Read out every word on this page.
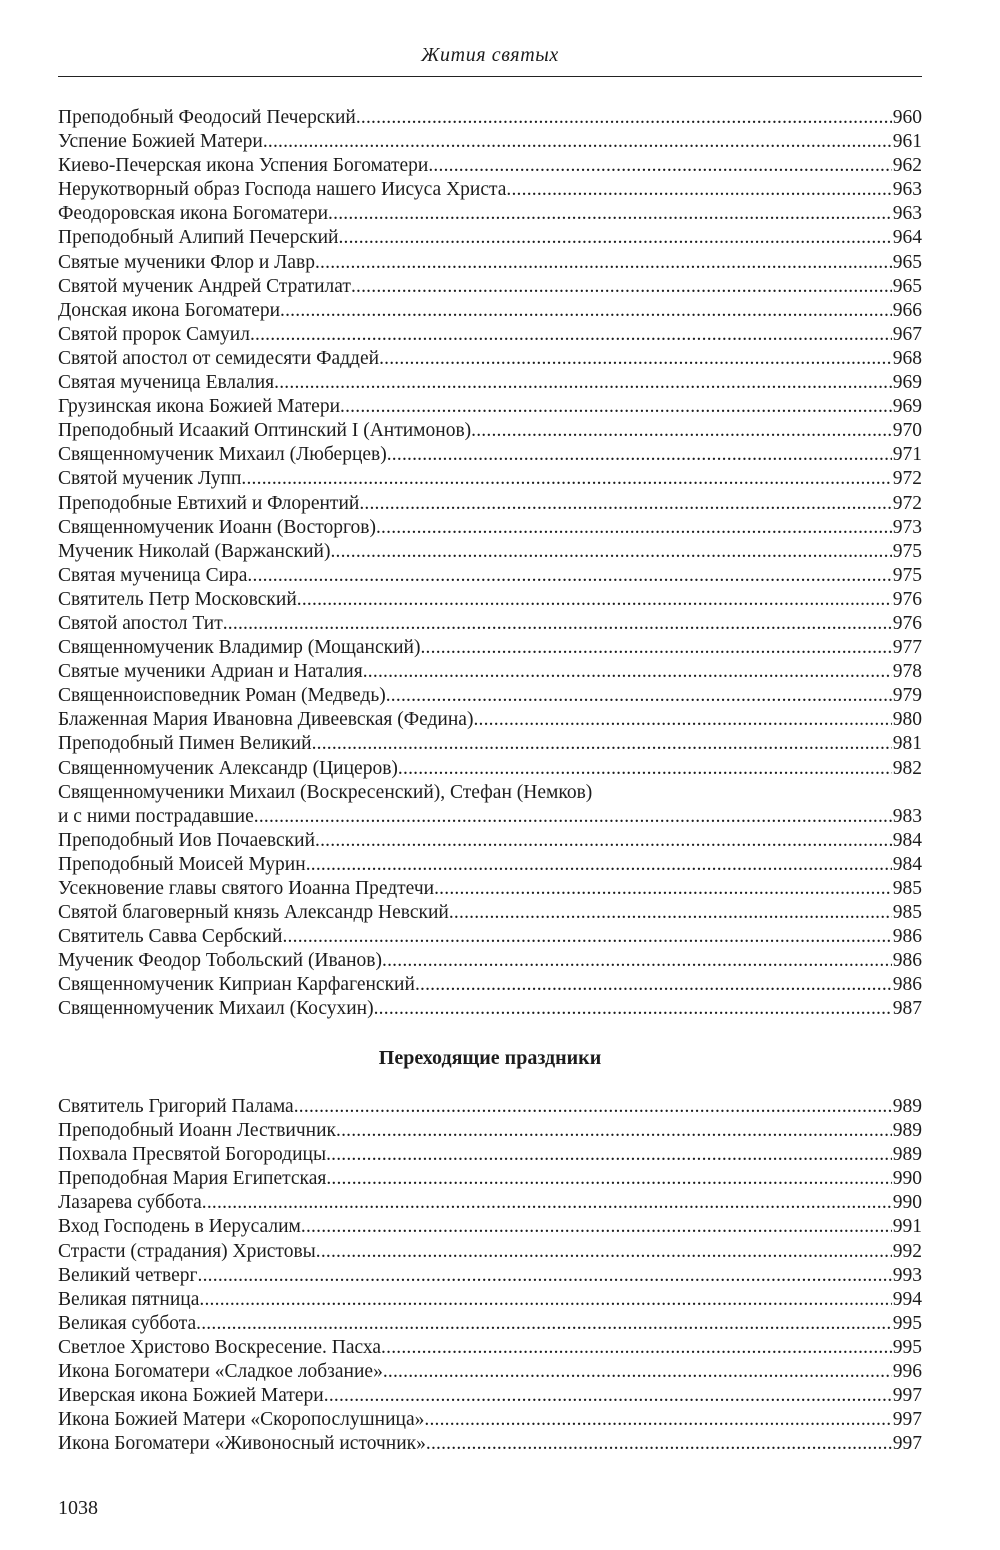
Жития святых
Преподобный Феодосий Печерский .....	960
Успение Божией Матери .....	961
Киево-Печерская икона Успения Богоматери .....	962
Нерукотворный образ Господа нашего Иисуса Христа .....	963
Феодоровская икона Богоматери .....	963
Преподобный Алипий Печерский .....	964
Святые мученики Флор и Лавр .....	965
Святой мученик Андрей Стратилат .....	965
Донская икона Богоматери .....	966
Святой пророк Самуил .....	967
Святой апостол от семидесяти Фаддей .....	968
Святая мученица Евлалия .....	969
Грузинская икона Божией Матери .....	969
Преподобный Исаакий Оптинский I (Антимонов) .....	970
Священномученик Михаил (Люберцев) .....	971
Святой мученик Лупп .....	972
Преподобные Евтихий и Флорентий .....	972
Священномученик Иоанн (Восторгов) .....	973
Мученик Николай (Варжанский) .....	975
Святая мученица Сира .....	975
Святитель Петр Московский .....	976
Святой апостол Тит .....	976
Священномученик Владимир (Мощанский) .....	977
Святые мученики Адриан и Наталия .....	978
Священноисповедник Роман (Медведь) .....	979
Блаженная Мария Ивановна Дивеевская (Федина) .....	980
Преподобный Пимен Великий .....	981
Священномученик Александр (Цицеров) .....	982
Священномученики Михаил (Воскресенский), Стефан (Немков)
и с ними пострадавшие .....	983
Преподобный Иов Почаевский .....	984
Преподобный Моисей Мурин .....	984
Усекновение главы святого Иоанна Предтечи .....	985
Святой благоверный князь Александр Невский .....	985
Святитель Савва Сербский .....	986
Мученик Феодор Тобольский (Иванов) .....	986
Священномученик Киприан Карфагенский .....	986
Священномученик Михаил (Косухин) .....	987
Переходящие праздники
Святитель Григорий Палама .....	989
Преподобный Иоанн Лествичник .....	989
Похвала Пресвятой Богородицы .....	989
Преподобная Мария Египетская .....	990
Лазарева суббота .....	990
Вход Господень в Иерусалим .....	991
Страсти (страдания) Христовы .....	992
Великий четверг .....	993
Великая пятница .....	994
Великая суббота .....	995
Светлое Христово Воскресение. Пасха .....	995
Икона Богоматери «Сладкое лобзание» .....	996
Иверская икона Божией Матери .....	997
Икона Божией Матери «Скоропослушница» .....	997
Икона Богоматери «Живоносный источник» .....	997
1038
